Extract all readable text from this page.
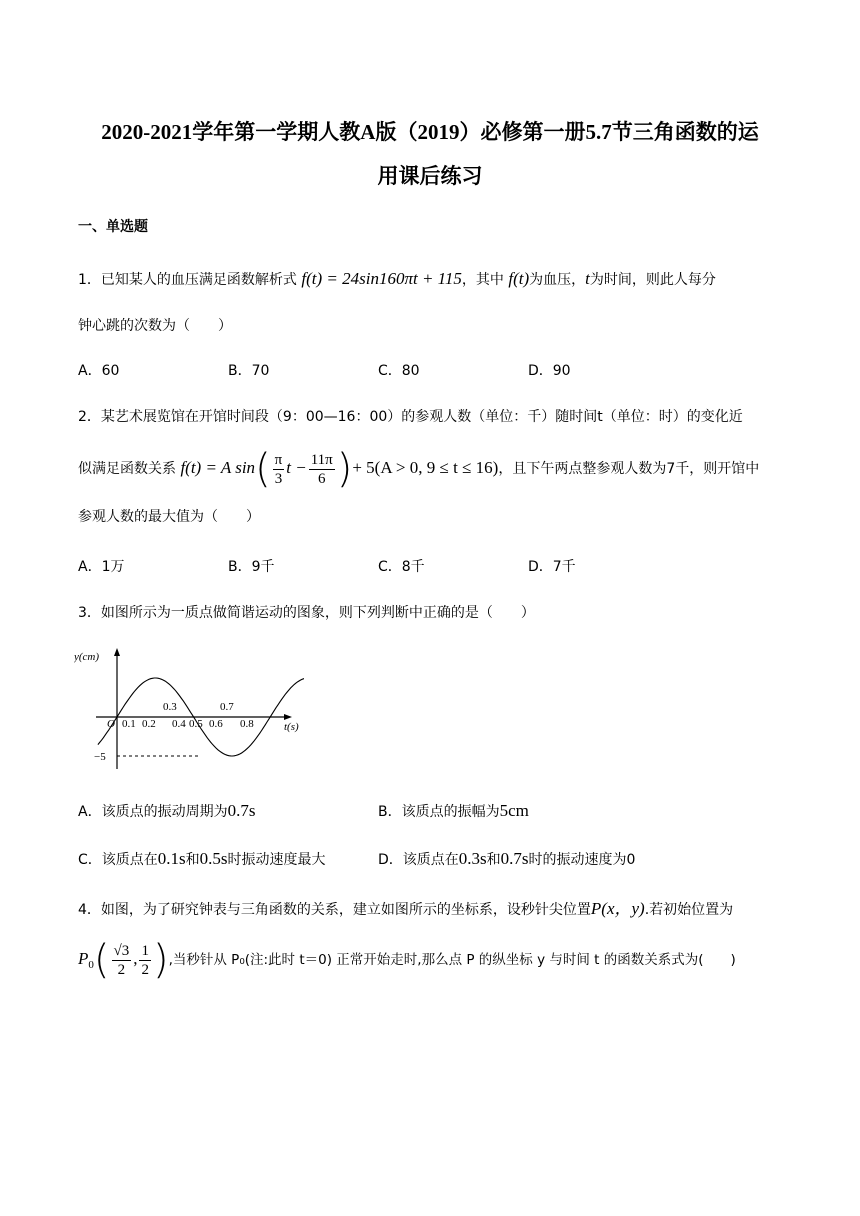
2020-2021学年第一学期人教A版（2019）必修第一册5.7节三角函数的运
用课后练习
一、单选题
1．已知某人的血压满足函数解析式 f(t) = 24sin160πt + 115，其中 f(t)为血压，t为时间，则此人每分
钟心跳的次数为（　　）
A．60	B．70	C．80	D．90
2．某艺术展览馆在开馆时间段（9：00—16：00）的参观人数（单位：千）随时间t（单位：时）的变化近
似满足函数关系 f(t) = A $\sin( \frac{\pi}{3}$ $t - \frac{11\pi}{6}$ )+ 5(A > 0, 9 ≤ t ≤ 16)，且下午两点整参观人数为7千，则开馆中
参观人数的最大值为（　　）
A．1万	B．9千	C．8千	D．7千
3．如图所示为一质点做简谐运动的图象，则下列判断中正确的是（　　）
y(cm)
O	t(s)
−5
0.1 0.2 0.4 0.5 0.6 0.8
0.3	0.7
A．该质点的振动周期为0.7s	B．该质点的振幅为5cm
C．该质点在0.1s和0.5s时振动速度最大	D．该质点在0.3s和0.7s时的振动速度为0
4．如图，为了研究钟表与三角函数的关系，建立如图所示的坐标系，设秒针尖位置P(x，y).若初始位置为
$P_0( \frac{√3}{2}$ , $\frac{1}{2}$ ),当秒针从 P₀(注:此时 t＝0) 正常开始走时,那么点 P 的纵坐标 y 与时间 t 的函数关系式为(　　)
